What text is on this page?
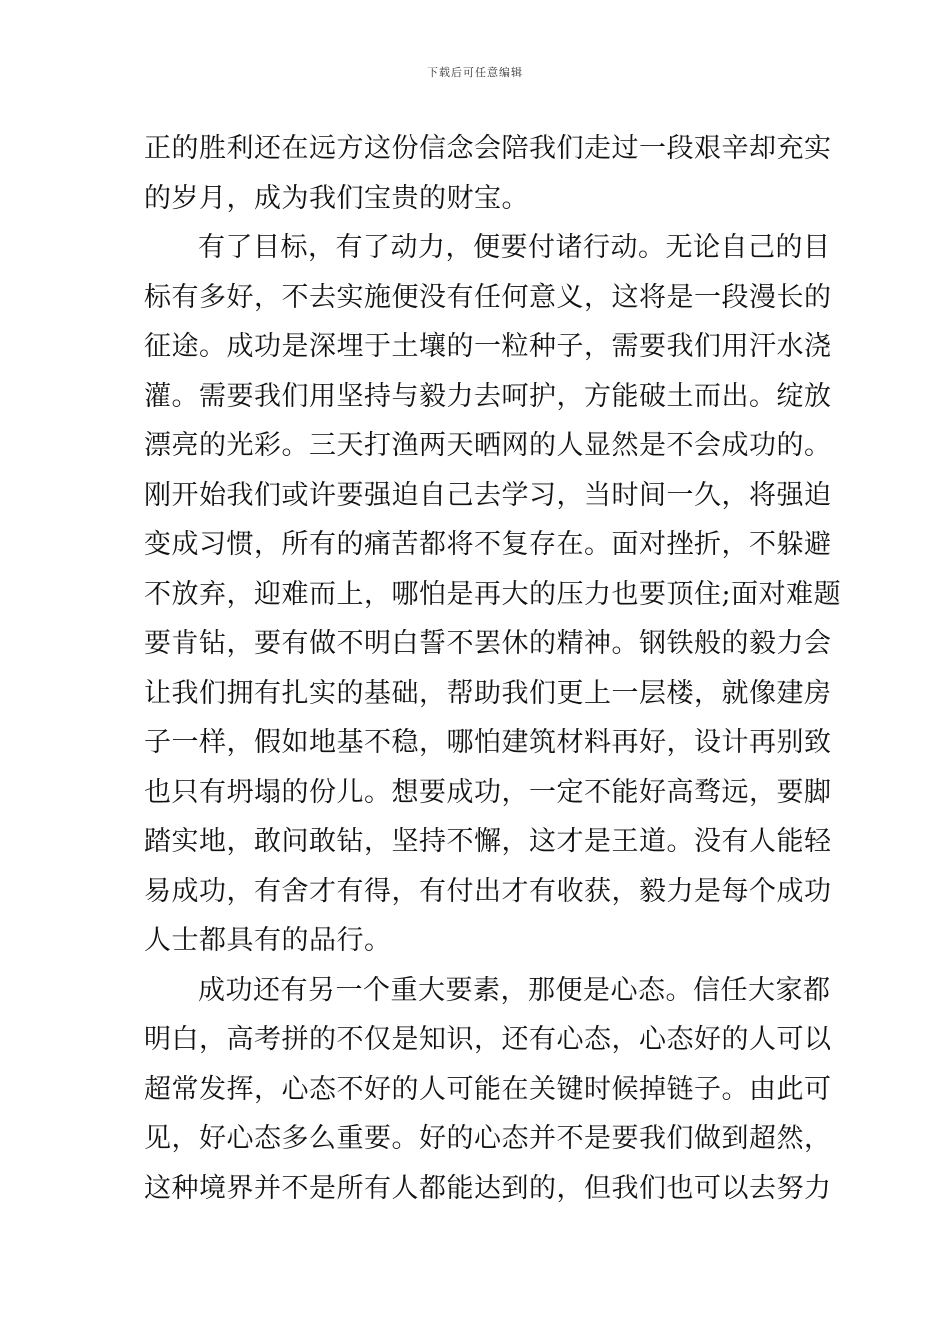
下载后可任意编辑
正的胜利还在远方这份信念会陪我们走过一段艰辛却充实
的岁月，成为我们宝贵的财宝。
有了目标，有了动力，便要付诸行动。无论自己的目
标有多好，不去实施便没有任何意义，这将是一段漫长的
征途。成功是深埋于土壤的一粒种子，需要我们用汗水浇
灌。需要我们用坚持与毅力去呵护，方能破土而出。绽放
漂亮的光彩。三天打渔两天晒网的人显然是不会成功的。
刚开始我们或许要强迫自己去学习，当时间一久，将强迫
变成习惯，所有的痛苦都将不复存在。面对挫折，不躲避
不放弃，迎难而上，哪怕是再大的压力也要顶住;面对难题
要肯钻，要有做不明白誓不罢休的精神。钢铁般的毅力会
让我们拥有扎实的基础，帮助我们更上一层楼，就像建房
子一样，假如地基不稳，哪怕建筑材料再好，设计再别致
也只有坍塌的份儿。想要成功，一定不能好高骛远，要脚
踏实地，敢问敢钻，坚持不懈，这才是王道。没有人能轻
易成功，有舍才有得，有付出才有收获，毅力是每个成功
人士都具有的品行。
成功还有另一个重大要素，那便是心态。信任大家都
明白，高考拼的不仅是知识，还有心态，心态好的人可以
超常发挥，心态不好的人可能在关键时候掉链子。由此可
见，好心态多么重要。好的心态并不是要我们做到超然，
这种境界并不是所有人都能达到的，但我们也可以去努力
